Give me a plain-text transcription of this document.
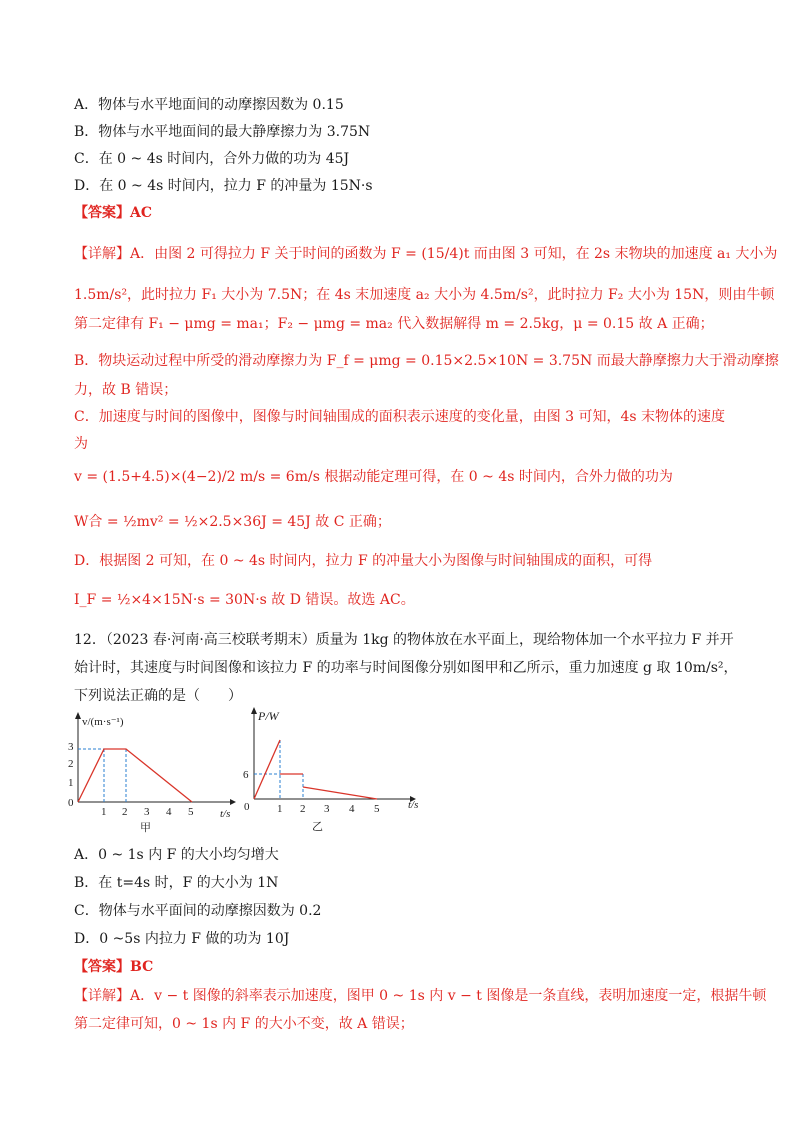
A．物体与水平地面间的动摩擦因数为 0.15
B．物体与水平地面间的最大静摩擦力为 3.75N
C．在 0 ~ 4s 时间内，合外力做的功为 45J
D．在 0 ~ 4s 时间内，拉力 F 的冲量为 15N·s
【答案】AC
【详解】A．由图 2 可得拉力 F 关于时间的函数为 F = (15/4)t 而由图 3 可知，在 2s 末物块的加速度 a₁ 大小为
1.5m/s²，此时拉力 F₁ 大小为 7.5N；在 4s 末加速度 a₂ 大小为 4.5m/s²，此时拉力 F₂ 大小为 15N，则由牛顿
第二定律有 F₁ − μmg = ma₁；F₂ − μmg = ma₂ 代入数据解得 m = 2.5kg，μ = 0.15 故 A 正确；
B．物块运动过程中所受的滑动摩擦力为 F_f = μmg = 0.15×2.5×10N = 3.75N 而最大静摩擦力大于滑动摩擦
力，故 B 错误；
C．加速度与时间的图像中，图像与时间轴围成的面积表示速度的变化量，由图 3 可知，4s 末物体的速度
为
v = (1.5+4.5)×(4−2)/2 m/s = 6m/s 根据动能定理可得，在 0 ~ 4s 时间内，合外力做的功为
W合 = ½mv² = ½×2.5×36J = 45J 故 C 正确；
D．根据图 2 可知，在 0 ~ 4s 时间内，拉力 F 的冲量大小为图像与时间轴围成的面积，可得
I_F = ½×4×15N·s = 30N·s 故 D 错误。故选 AC。
12．（2023 春·河南·高三校联考期末）质量为 1kg 的物体放在水平面上，现给物体加一个水平拉力 F 并开
始计时，其速度与时间图像和该拉力 F 的功率与时间图像分别如图甲和乙所示，重力加速度 g 取 10m/s²，
下列说法正确的是（　　）
v/(m·s⁻¹)
t/s
0
1
2
3
1 2 3 4 5
甲
P/W
t/s
0
6
1 2 3 4 5
乙
A．0 ~ 1s 内 F 的大小均匀增大
B．在 t=4s 时，F 的大小为 1N
C．物体与水平面间的动摩擦因数为 0.2
D．0 ~5s 内拉力 F 做的功为 10J
【答案】BC
【详解】A．v − t 图像的斜率表示加速度，图甲 0 ~ 1s 内 v − t 图像是一条直线，表明加速度一定，根据牛顿
第二定律可知，0 ~ 1s 内 F 的大小不变，故 A 错误；
